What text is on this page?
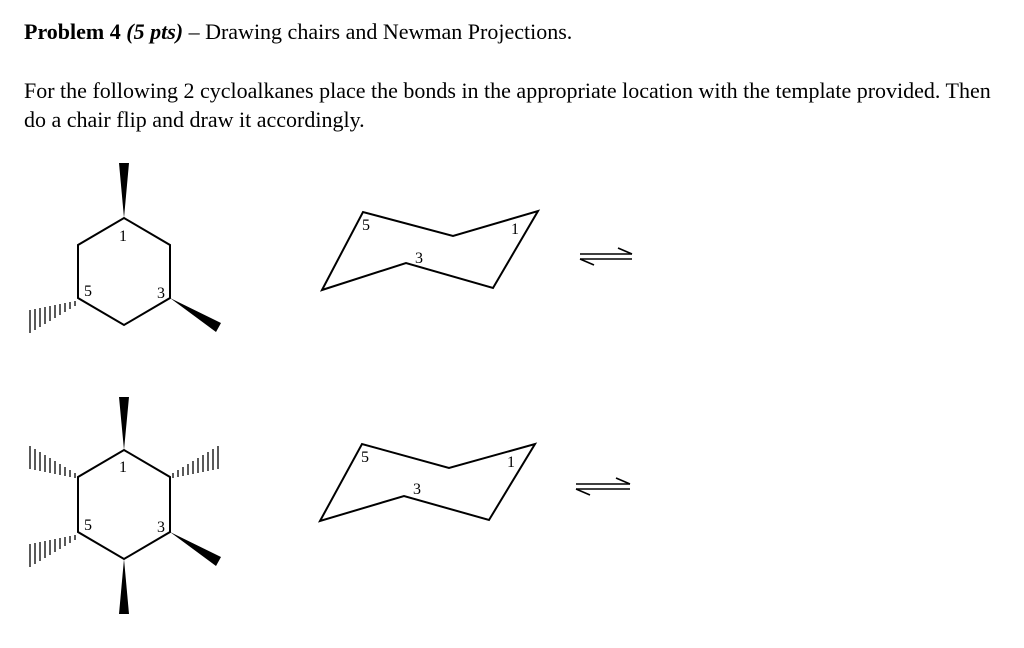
Problem 4 (5 pts) – Drawing chairs and Newman Projections.
For the following 2 cycloalkanes place the bonds in the appropriate location with the template provided. Then do a chair flip and draw it accordingly.
1
3
5
5
3
1
1
3
5
5
3
1
